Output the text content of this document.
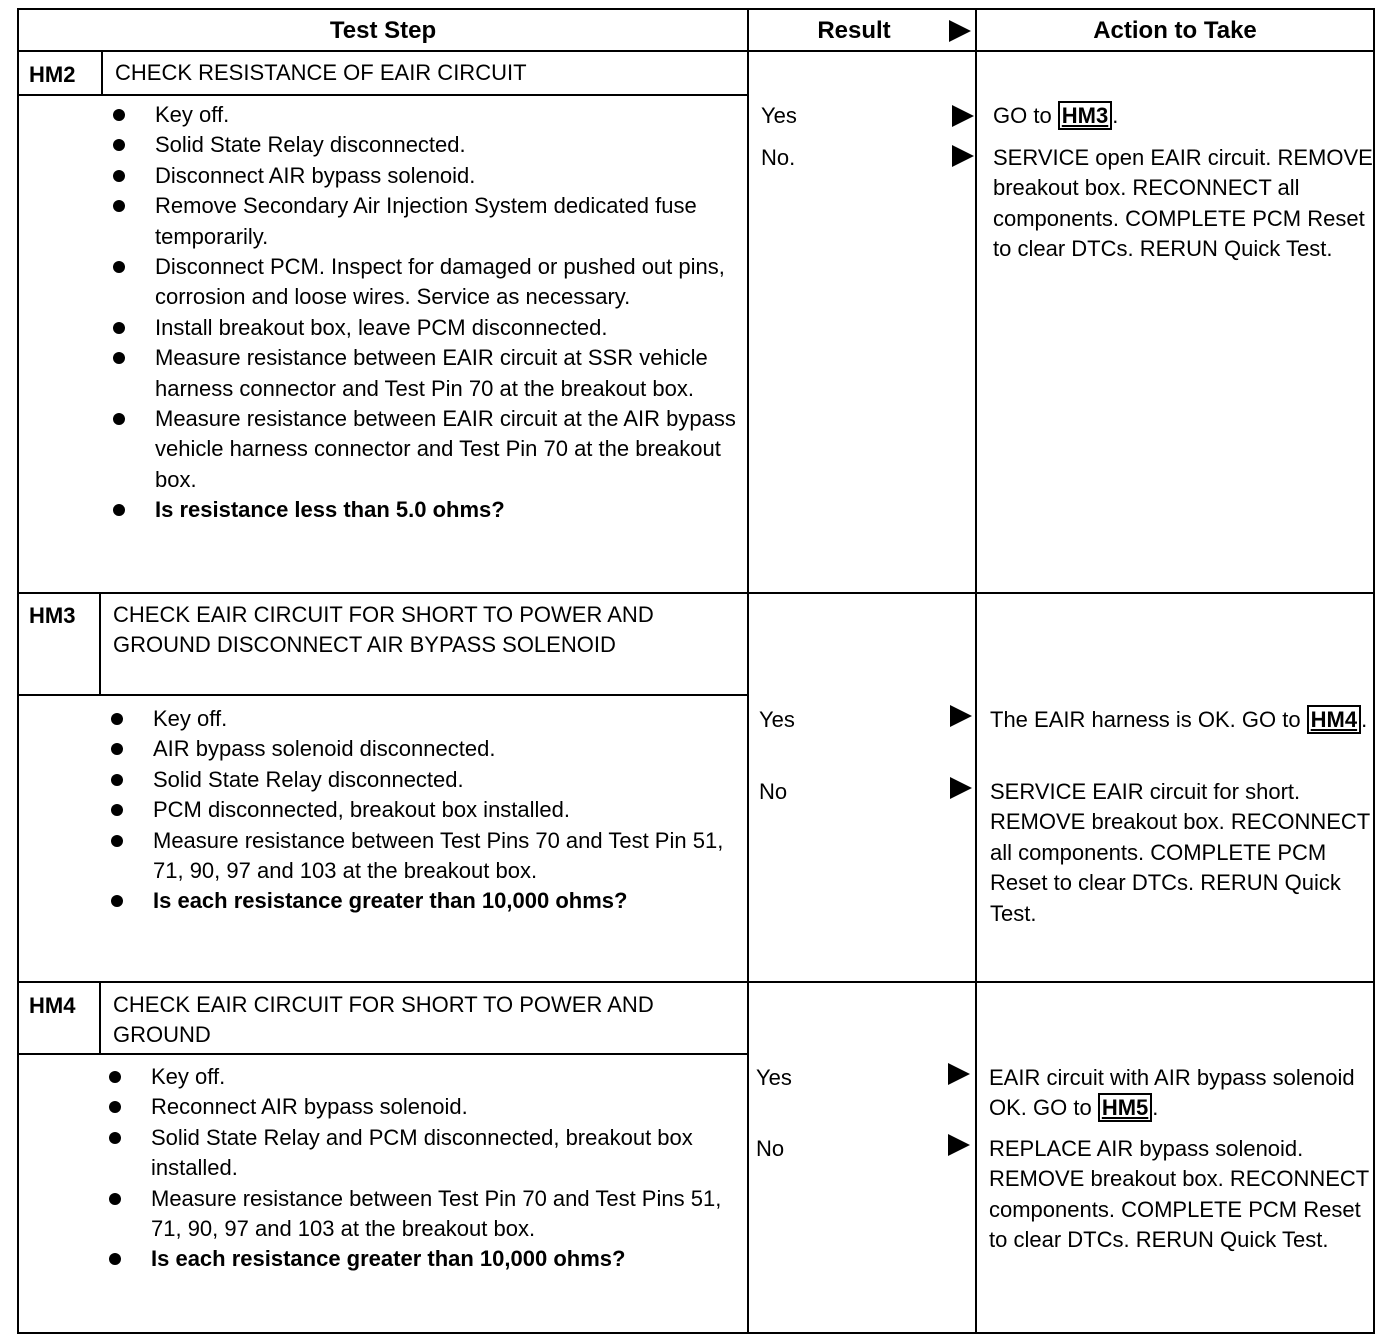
Test Step	Result	Action to Take
HM2 CHECK RESISTANCE OF EAIR CIRCUIT
Key off.
Solid State Relay disconnected.
Disconnect AIR bypass solenoid.
Remove Secondary Air Injection System dedicated fuse temporarily.
Disconnect PCM. Inspect for damaged or pushed out pins, corrosion and loose wires. Service as necessary.
Install breakout box, leave PCM disconnected.
Measure resistance between EAIR circuit at SSR vehicle harness connector and Test Pin 70 at the breakout box.
Measure resistance between EAIR circuit at the AIR bypass vehicle harness connector and Test Pin 70 at the breakout box.
Is resistance less than 5.0 ohms?
Yes	GO to HM3 .
No.	SERVICE open EAIR circuit. REMOVE breakout box. RECONNECT all components. COMPLETE PCM Reset to clear DTCs. RERUN Quick Test.
HM3 CHECK EAIR CIRCUIT FOR SHORT TO POWER AND GROUND DISCONNECT AIR BYPASS SOLENOID
Key off.
AIR bypass solenoid disconnected.
Solid State Relay disconnected.
PCM disconnected, breakout box installed.
Measure resistance between Test Pins 70 and Test Pin 51, 71, 90, 97 and 103 at the breakout box.
Is each resistance greater than 10,000 ohms?
Yes	The EAIR harness is OK. GO to HM4 .
No	SERVICE EAIR circuit for short. REMOVE breakout box. RECONNECT all components. COMPLETE PCM Reset to clear DTCs. RERUN Quick Test.
HM4 CHECK EAIR CIRCUIT FOR SHORT TO POWER AND GROUND
Key off.
Reconnect AIR bypass solenoid.
Solid State Relay and PCM disconnected, breakout box installed.
Measure resistance between Test Pin 70 and Test Pins 51, 71, 90, 97 and 103 at the breakout box.
Is each resistance greater than 10,000 ohms?
Yes	EAIR circuit with AIR bypass solenoid OK. GO to HM5 .
No	REPLACE AIR bypass solenoid. REMOVE breakout box. RECONNECT components. COMPLETE PCM Reset to clear DTCs. RERUN Quick Test.
